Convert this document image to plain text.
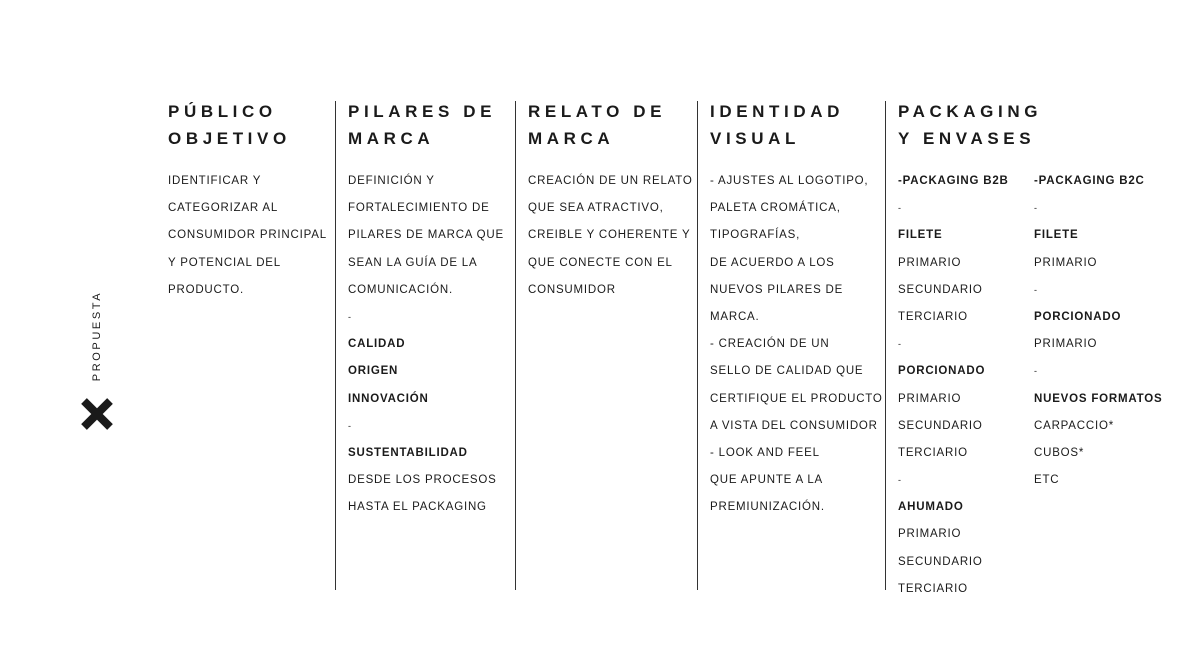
PROPUESTA
PÚBLICO
OBJETIVO
IDENTIFICAR Y
CATEGORIZAR AL
CONSUMIDOR PRINCIPAL
Y POTENCIAL DEL
PRODUCTO.
PILARES DE
MARCA
DEFINICIÓN Y
FORTALECIMIENTO DE
PILARES DE MARCA QUE
SEAN LA GUÍA DE LA
COMUNICACIÓN.
-
CALIDAD
ORIGEN
INNOVACIÓN
-
SUSTENTABILIDAD
DESDE LOS PROCESOS
HASTA EL PACKAGING
RELATO DE
MARCA
CREACIÓN DE UN RELATO
QUE SEA ATRACTIVO,
CREIBLE Y COHERENTE Y
QUE CONECTE CON EL
CONSUMIDOR
IDENTIDAD
VISUAL
- AJUSTES AL LOGOTIPO,
PALETA CROMÁTICA,
TIPOGRAFÍAS,
DE ACUERDO A LOS
NUEVOS PILARES DE
MARCA.
- CREACIÓN DE UN
SELLO DE CALIDAD QUE
CERTIFIQUE EL PRODUCTO
A VISTA DEL CONSUMIDOR
- LOOK AND FEEL
QUE APUNTE A LA
PREMIUNIZACIÓN.
PACKAGING
Y ENVASES
-PACKAGING B2B
-
FILETE
PRIMARIO
SECUNDARIO
TERCIARIO
-
PORCIONADO
PRIMARIO
SECUNDARIO
TERCIARIO
-
AHUMADO
PRIMARIO
SECUNDARIO
TERCIARIO
-PACKAGING B2C
-
FILETE
PRIMARIO
-
PORCIONADO
PRIMARIO
-
NUEVOS FORMATOS
CARPACCIO*
CUBOS*
ETC
